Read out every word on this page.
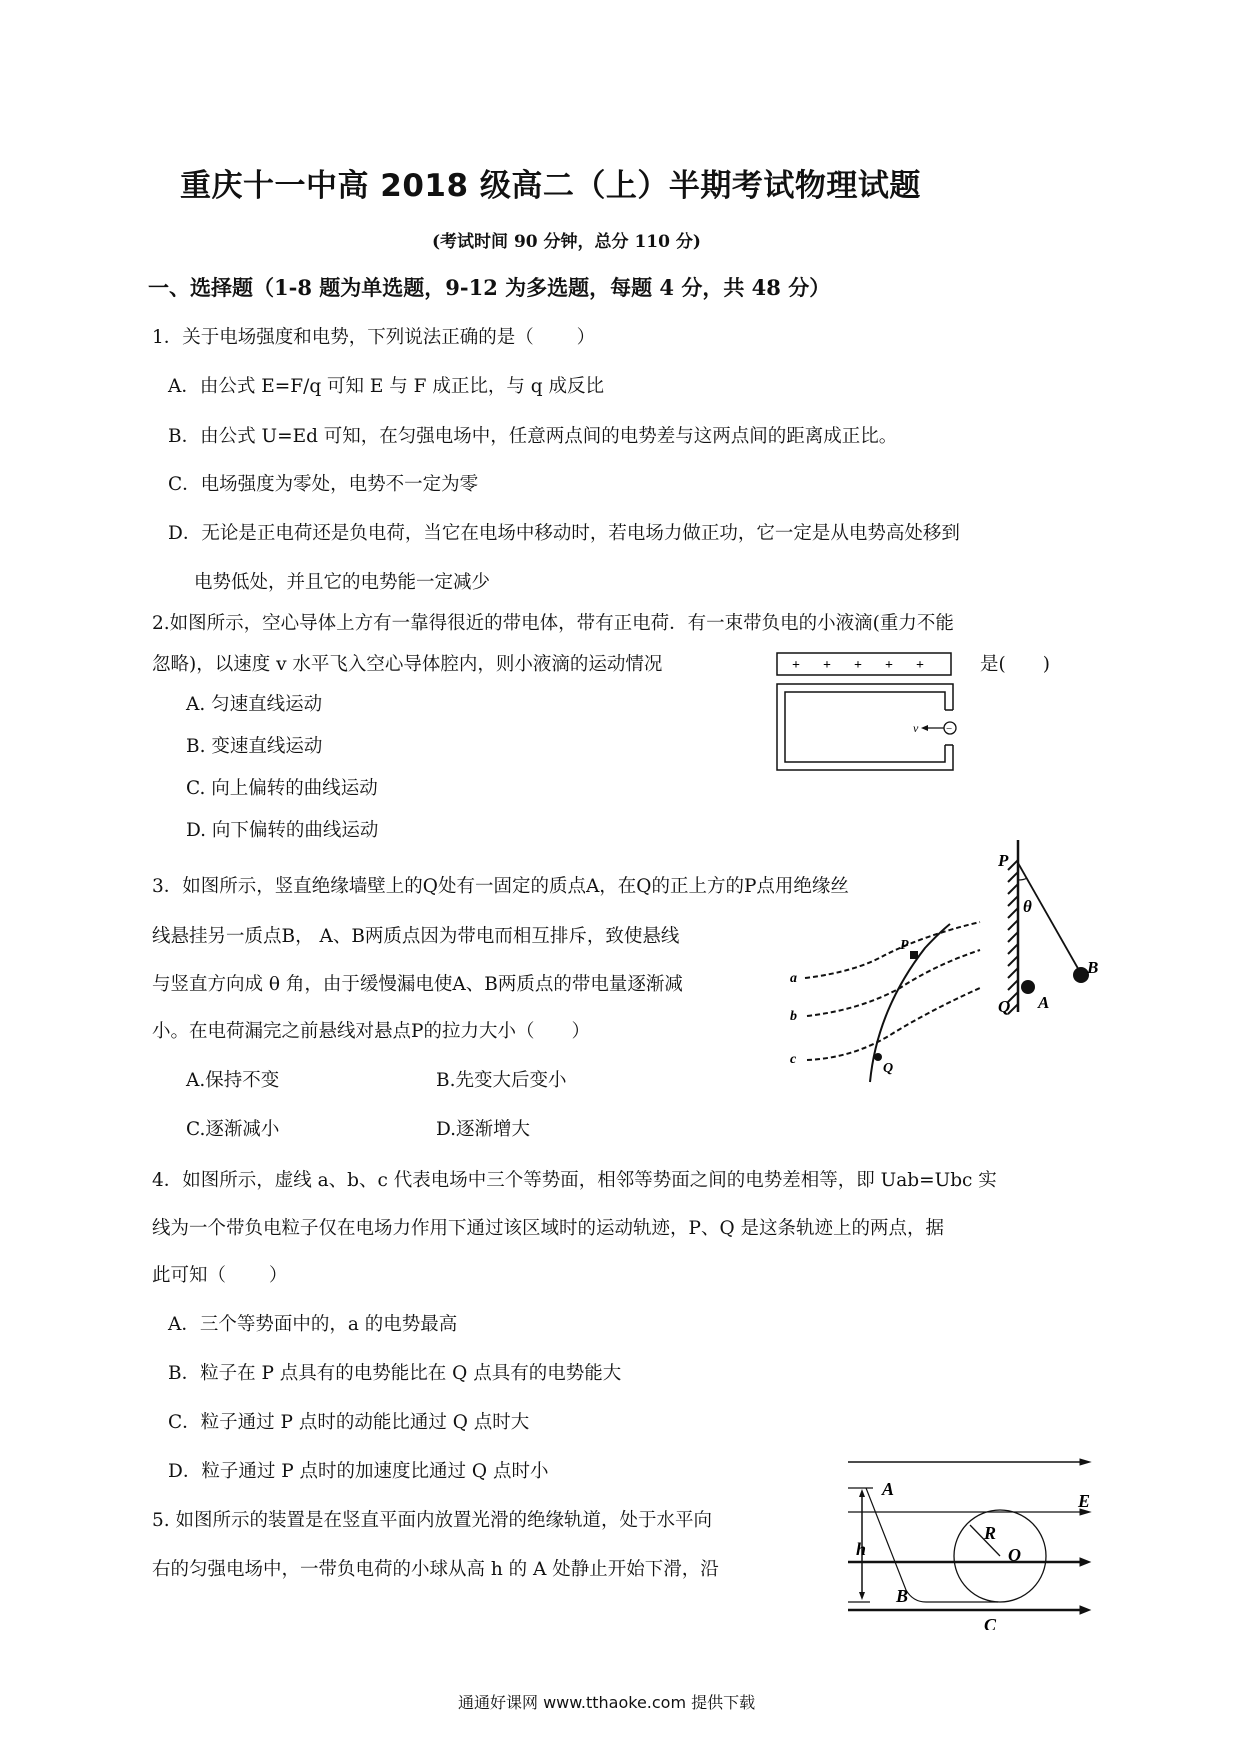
重庆十一中高 2018 级高二（上）半期考试物理试题
(考试时间 90 分钟，总分 110 分)
一、选择题（1-8 题为单选题，9-12 为多选题，每题 4 分，共 48 分）
1．关于电场强度和电势，下列说法正确的是（　　 ）
A．由公式 E=F/q 可知 E 与 F 成正比，与 q 成反比
B．由公式 U=Ed 可知，在匀强电场中，任意两点间的电势差与这两点间的距离成正比。
C．电场强度为零处，电势不一定为零
D．无论是正电荷还是负电荷，当它在电场中移动时，若电场力做正功，它一定是从电势高处移到
电势低处，并且它的电势能一定减少
2.如图所示，空心导体上方有一靠得很近的带电体，带有正电荷．有一束带负电的小液滴(重力不能
忽略)，以速度 v 水平飞入空心导体腔内，则小液滴的运动情况	是(　　)
A. 匀速直线运动
B. 变速直线运动
C. 向上偏转的曲线运动
D. 向下偏转的曲线运动
+ + + + +
v	−
3．如图所示，竖直绝缘墙壁上的Q处有一固定的质点A，在Q的正上方的P点用绝缘丝
线悬挂另一质点B， A、B两质点因为带电而相互排斥，致使悬线
与竖直方向成 θ 角，由于缓慢漏电使A、B两质点的带电量逐渐减
小。在电荷漏完之前悬线对悬点P的拉力大小（　　）
A.保持不变	B.先变大后变小
C.逐渐减小	D.逐渐增大
P
θ
B
Q A
a
b
c
P
Q
4．如图所示，虚线 a、b、c 代表电场中三个等势面，相邻等势面之间的电势差相等，即 Uab=Ubc 实
线为一个带负电粒子仅在电场力作用下通过该区域时的运动轨迹，P、Q 是这条轨迹上的两点，据
此可知（　　 ）
A．三个等势面中的，a 的电势最高
B．粒子在 P 点具有的电势能比在 Q 点具有的电势能大
C．粒子通过 P 点时的动能比通过 Q 点时大
D．粒子通过 P 点时的加速度比通过 Q 点时小
5. 如图所示的装置是在竖直平面内放置光滑的绝缘轨道，处于水平向
右的匀强电场中，一带负电荷的小球从高 h 的 A 处静止开始下滑，沿
A
E
R
O
h
B
C
通通好课网 www.tthaoke.com 提供下载
